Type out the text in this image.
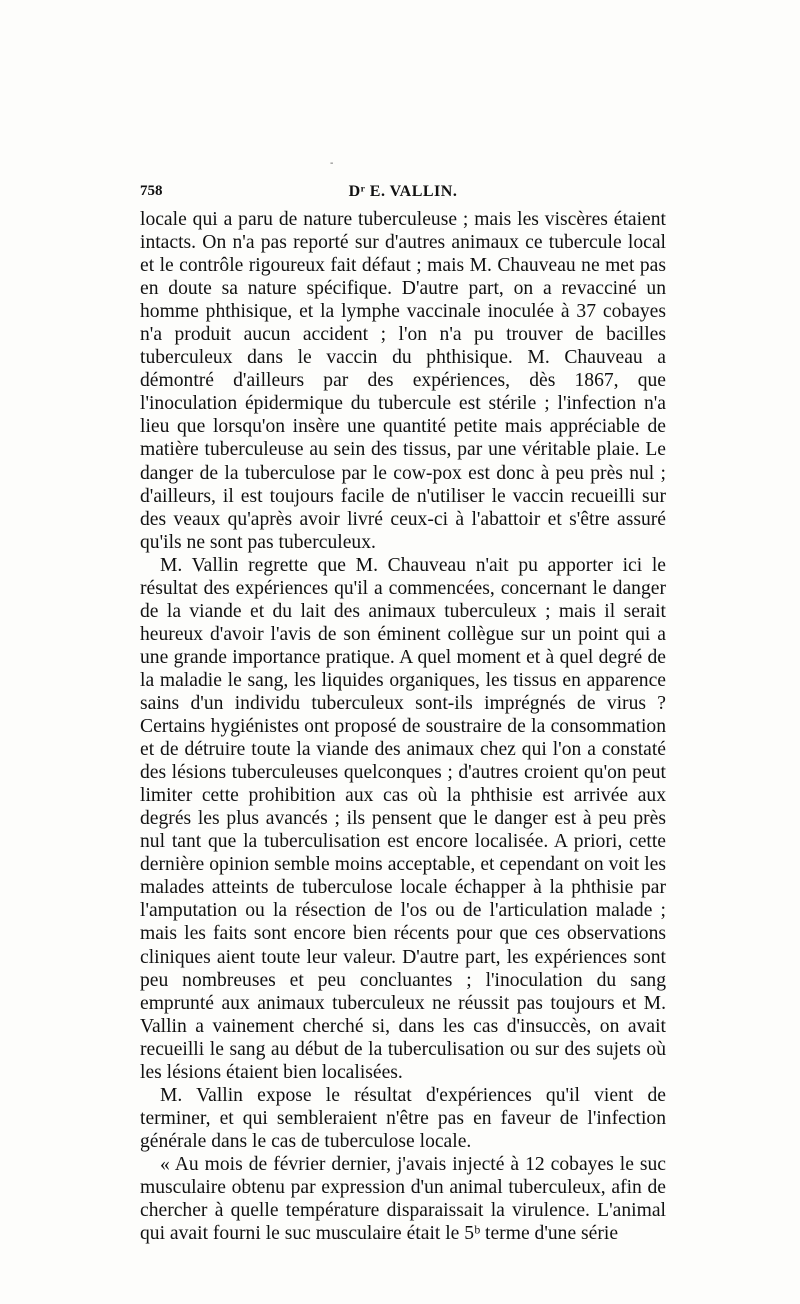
-
758	Dʳ E. VALLIN.

locale qui a paru de nature tuberculeuse ; mais les viscères étaient intacts. On n'a pas reporté sur d'autres animaux ce tubercule local et le contrôle rigoureux fait défaut ; mais M. Chauveau ne met pas en doute sa nature spécifique. D'autre part, on a revacciné un homme phthisique, et la lymphe vaccinale inoculée à 37 cobayes n'a produit aucun accident ; l'on n'a pu trouver de bacilles tuberculeux dans le vaccin du phthisique. M. Chauveau a démontré d'ailleurs par des expériences, dès 1867, que l'inoculation épidermique du tubercule est stérile ; l'infection n'a lieu que lorsqu'on insère une quantité petite mais appréciable de matière tuberculeuse au sein des tissus, par une véritable plaie. Le danger de la tuberculose par le cow-pox est donc à peu près nul ; d'ailleurs, il est toujours facile de n'utiliser le vaccin recueilli sur des veaux qu'après avoir livré ceux-ci à l'abattoir et s'être assuré qu'ils ne sont pas tuberculeux.

M. Vallin regrette que M. Chauveau n'ait pu apporter ici le résultat des expériences qu'il a commencées, concernant le danger de la viande et du lait des animaux tuberculeux ; mais il serait heureux d'avoir l'avis de son éminent collègue sur un point qui a une grande importance pratique. A quel moment et à quel degré de la maladie le sang, les liquides organiques, les tissus en apparence sains d'un individu tuberculeux sont-ils imprégnés de virus ? Certains hygiénistes ont proposé de soustraire de la consommation et de détruire toute la viande des animaux chez qui l'on a constaté des lésions tuberculeuses quelconques ; d'autres croient qu'on peut limiter cette prohibition aux cas où la phthisie est arrivée aux degrés les plus avancés ; ils pensent que le danger est à peu près nul tant que la tuberculisation est encore localisée. A priori, cette dernière opinion semble moins acceptable, et cependant on voit les malades atteints de tuberculose locale échapper à la phthisie par l'amputation ou la résection de l'os ou de l'articulation malade ; mais les faits sont encore bien récents pour que ces observations cliniques aient toute leur valeur. D'autre part, les expériences sont peu nombreuses et peu concluantes ; l'inoculation du sang emprunté aux animaux tuberculeux ne réussit pas toujours et M. Vallin a vainement cherché si, dans les cas d'insuccès, on avait recueilli le sang au début de la tuberculisation ou sur des sujets où les lésions étaient bien localisées.

M. Vallin expose le résultat d'expériences qu'il vient de terminer, et qui sembleraient n'être pas en faveur de l'infection générale dans le cas de tuberculose locale.

« Au mois de février dernier, j'avais injecté à 12 cobayes le suc musculaire obtenu par expression d'un animal tuberculeux, afin de chercher à quelle température disparaissait la virulence. L'animal qui avait fourni le suc musculaire était le 5ᵇ terme d'une série
